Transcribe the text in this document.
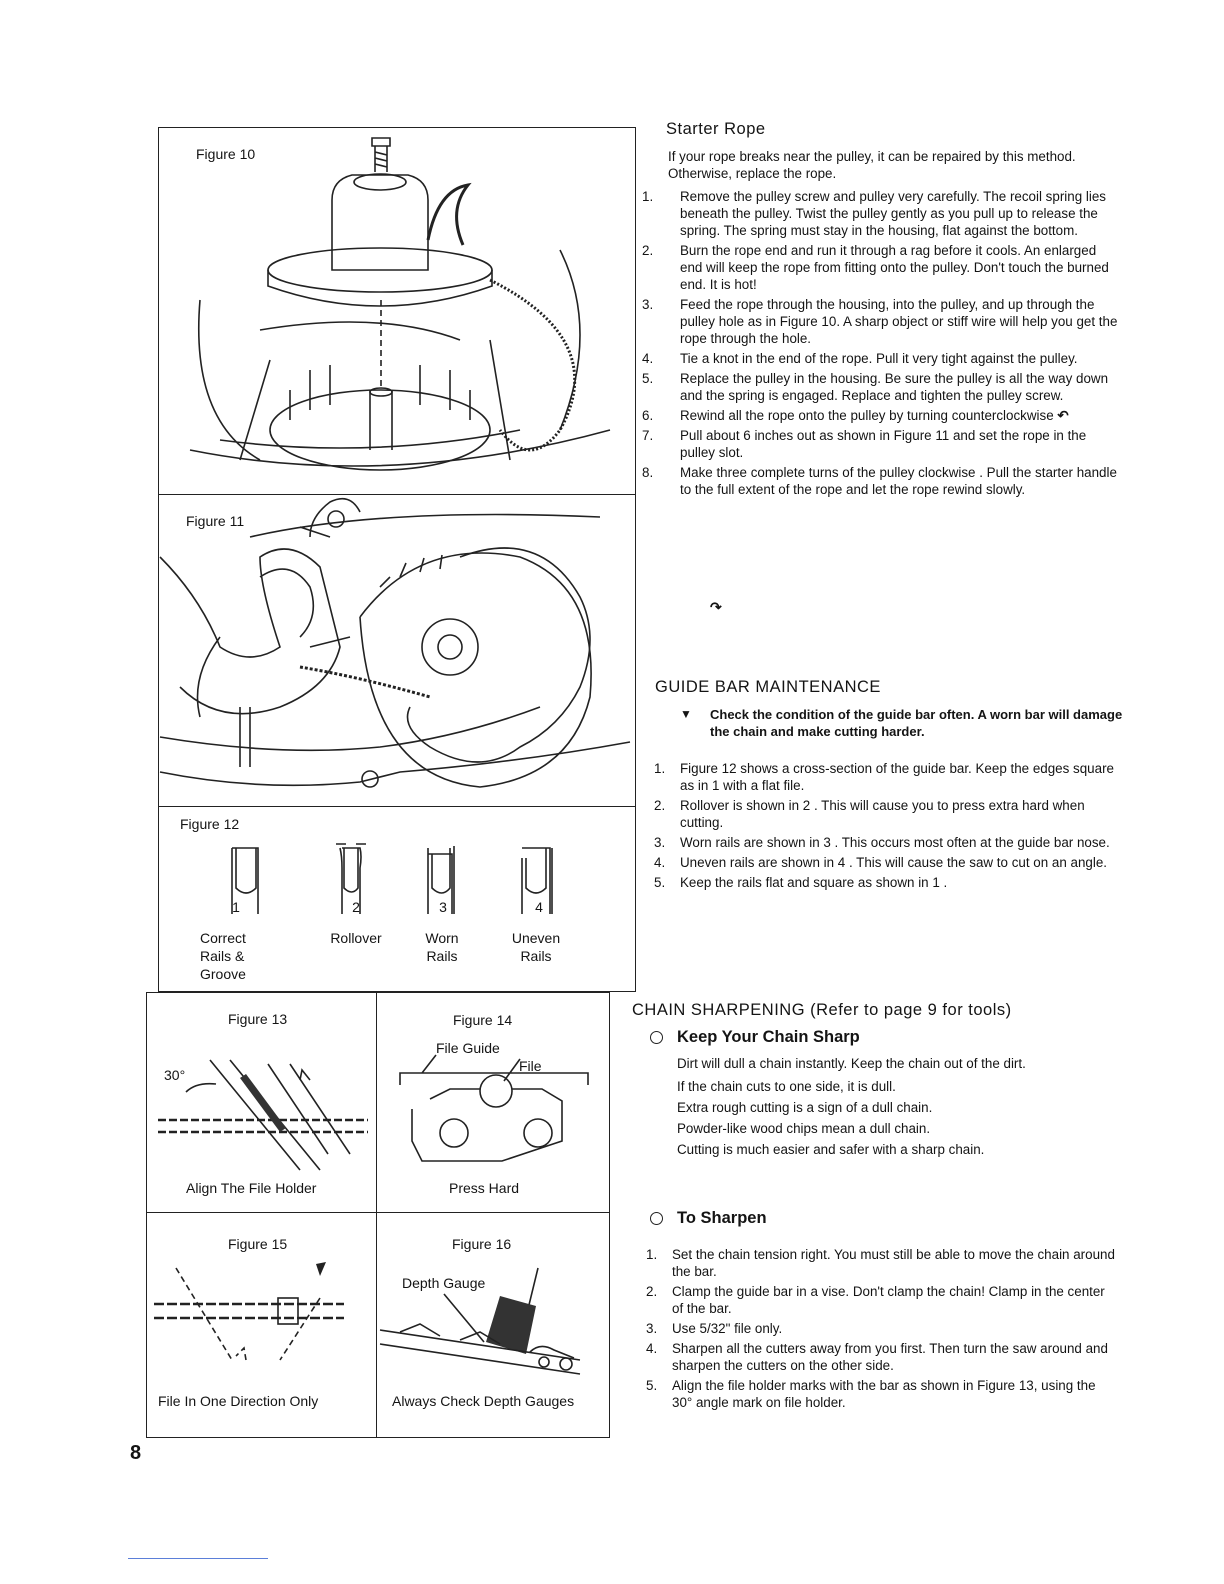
Figure 10
Figure 11
Figure 12
1	2	3	4
Correct
Rails &
Groove
Rollover	Worn
Rails
Uneven
Rails
Figure 13
30°
Align The File Holder
Figure 14
File Guide
File
Press Hard
Figure 15
File In One Direction Only
Figure 16
Depth Gauge
Always Check Depth Gauges
8
Starter Rope

If your rope breaks near the pulley, it can be repaired by this method. Otherwise, replace the rope.

1.	Remove the pulley screw and pulley very carefully. The recoil spring lies beneath the pulley. Twist the pulley gently as you pull up to release the spring. The spring must stay in the housing, flat against the bottom.
2.	Burn the rope end and run it through a rag before it cools. An enlarged end will keep the rope from fitting onto the pulley. Don't touch the burned end. It is hot!
3.	Feed the rope through the housing, into the pulley, and up through the pulley hole as in Figure 10. A sharp object or stiff wire will help you get the rope through the hole.
4.	Tie a knot in the end of the rope. Pull it very tight against the pulley.
5.	Replace the pulley in the housing. Be sure the pulley is all the way down and the spring is engaged. Replace and tighten the pulley screw.
6.	Rewind all the rope onto the pulley by turning counterclockwise ↶
7.	Pull about 6 inches out as shown in Figure 11 and set the rope in the pulley slot.
8.	Make three complete turns of the pulley clockwise . Pull the starter handle to the full extent of the rope and let the rope rewind slowly.
↷
GUIDE BAR MAINTENANCE
▼	Check the condition of the guide bar often. A worn bar will damage the chain and make cutting harder.

1.	Figure 12 shows a cross-section of the guide bar. Keep the edges square as in 1 with a flat file.
2.	Rollover is shown in 2 . This will cause you to press extra hard when cutting.
3.	Worn rails are shown in 3 . This occurs most often at the guide bar nose.
4.	Uneven rails are shown in 4 . This will cause the saw to cut on an angle.
5.	Keep the rails flat and square as shown in 1 .
CHAIN SHARPENING (Refer to page 9 for tools)
Keep Your Chain Sharp

Dirt will dull a chain instantly. Keep the chain out of the dirt.

If the chain cuts to one side, it is dull.

Extra rough cutting is a sign of a dull chain.

Powder-like wood chips mean a dull chain.

Cutting is much easier and safer with a sharp chain.

To Sharpen
1.	Set the chain tension right. You must still be able to move the chain around the bar.
2.	Clamp the guide bar in a vise. Don't clamp the chain! Clamp in the center of the bar.
3.	Use 5/32" file only.
4.	Sharpen all the cutters away from you first. Then turn the saw around and sharpen the cutters on the other side.
5.	Align the file holder marks with the bar as shown in Figure 13, using the 30° angle mark on file holder.
